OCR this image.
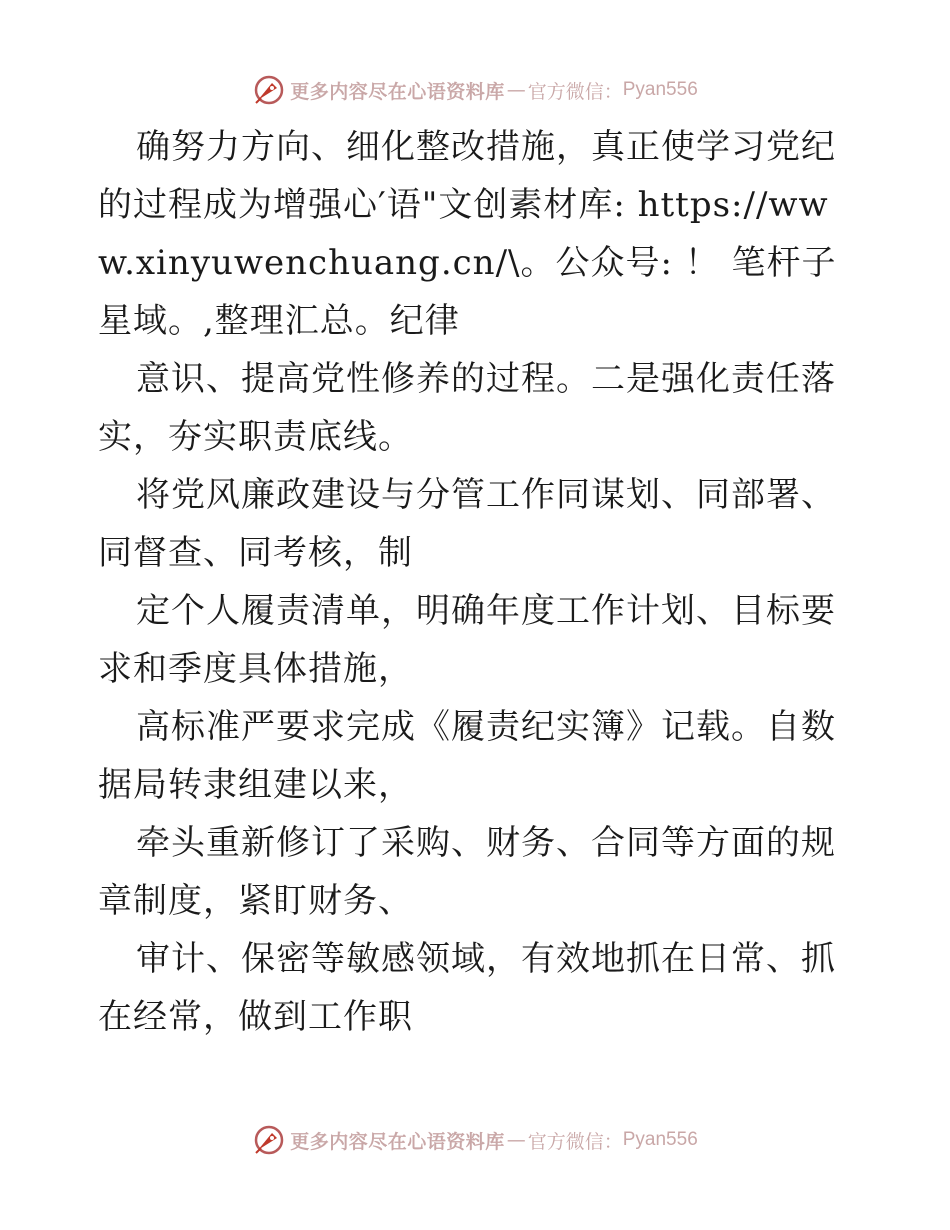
更多内容尽在心语资料库 — 官方微信： Pyan556

确努力方向、细化整改措施，真正使学习党纪的过程成为增强心′语"文创素材库: https://www.xinyuwenchuang.cn/\。公众号: ！ 笔杆子星域。,整理汇总。纪律

意识、提高党性修养的过程。二是强化责任落实，夯实职责底线。

将党风廉政建设与分管工作同谋划、同部署、同督查、同考核，制

定个人履责清单，明确年度工作计划、目标要求和季度具体措施，

高标准严要求完成《履责纪实簿》记载。自数据局转隶组建以来，

牵头重新修订了采购、财务、合同等方面的规章制度，紧盯财务、

审计、保密等敏感领域，有效地抓在日常、抓在经常，做到工作职

更多内容尽在心语资料库 — 官方微信： Pyan556
